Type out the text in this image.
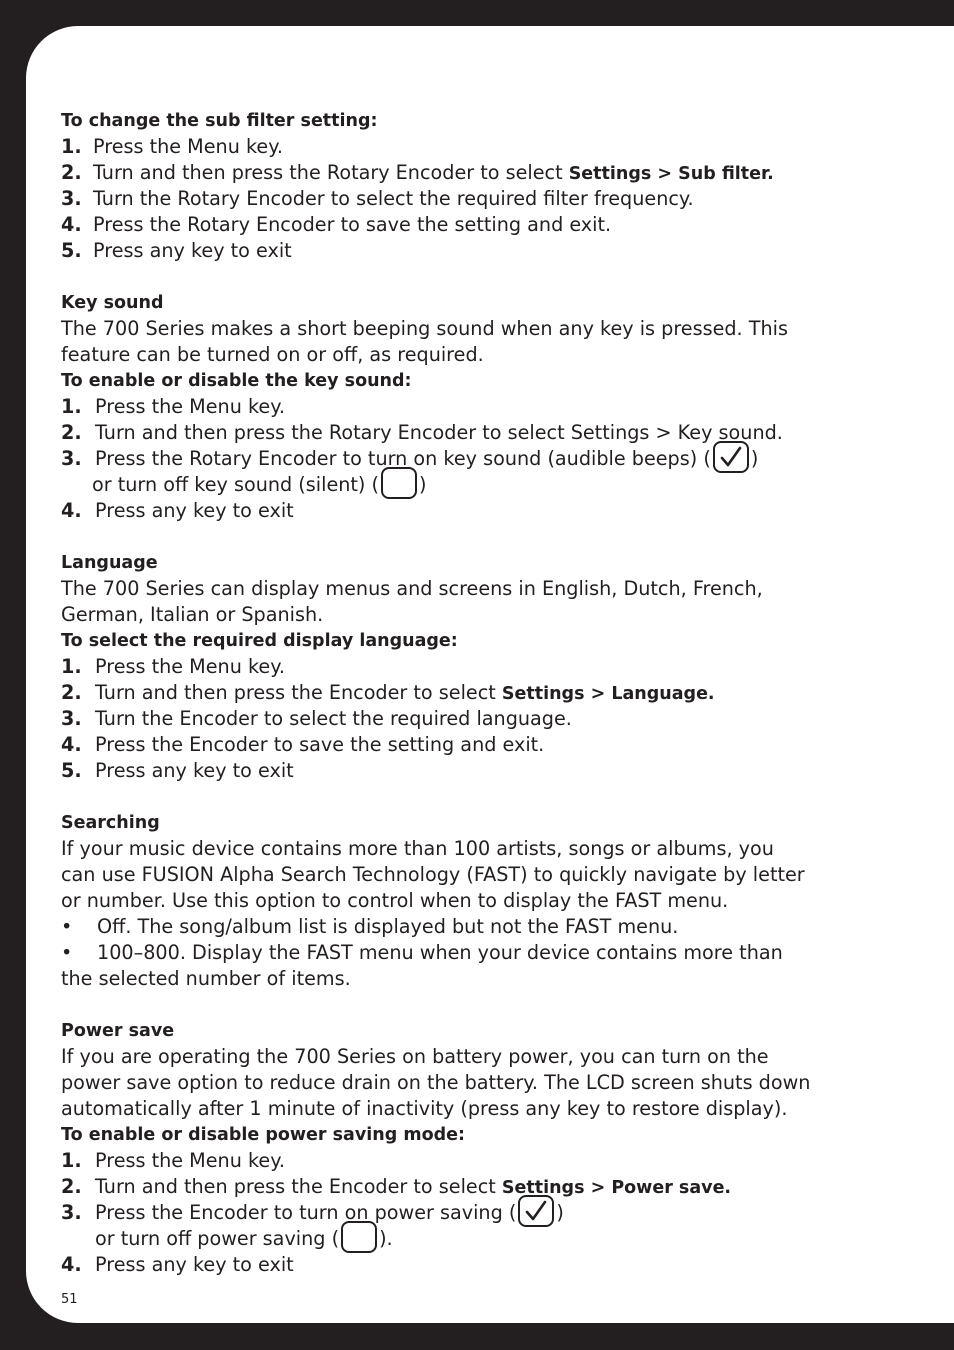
To change the sub filter setting:
1. Press the Menu key.
2. Turn and then press the Rotary Encoder to select Settings > Sub filter.
3. Turn the Rotary Encoder to select the required filter frequency.
4. Press the Rotary Encoder to save the setting and exit.
5. Press any key to exit
Key sound
The 700 Series makes a short beeping sound when any key is pressed. This
feature can be turned on or off, as required.
To enable or disable the key sound:
1. Press the Menu key.
2. Turn and then press the Rotary Encoder to select Settings > Key sound.
3. Press the Rotary Encoder to turn on key sound (audible beeps) ( )
or turn off key sound (silent) ( )
4. Press any key to exit
Language
The 700 Series can display menus and screens in English, Dutch, French,
German, Italian or Spanish.
To select the required display language:
1. Press the Menu key.
2. Turn and then press the Encoder to select Settings > Language.
3. Turn the Encoder to select the required language.
4. Press the Encoder to save the setting and exit.
5. Press any key to exit
Searching
If your music device contains more than 100 artists, songs or albums, you
can use FUSION Alpha Search Technology (FAST) to quickly navigate by letter
or number. Use this option to control when to display the FAST menu.
• Off. The song/album list is displayed but not the FAST menu.
• 100–800. Display the FAST menu when your device contains more than
the selected number of items.
Power save
If you are operating the 700 Series on battery power, you can turn on the
power save option to reduce drain on the battery. The LCD screen shuts down
automatically after 1 minute of inactivity (press any key to restore display).
To enable or disable power saving mode:
1. Press the Menu key.
2. Turn and then press the Encoder to select Settings > Power save.
3. Press the Encoder to turn on power saving ( )
or turn off power saving ( ).
4. Press any key to exit
51
